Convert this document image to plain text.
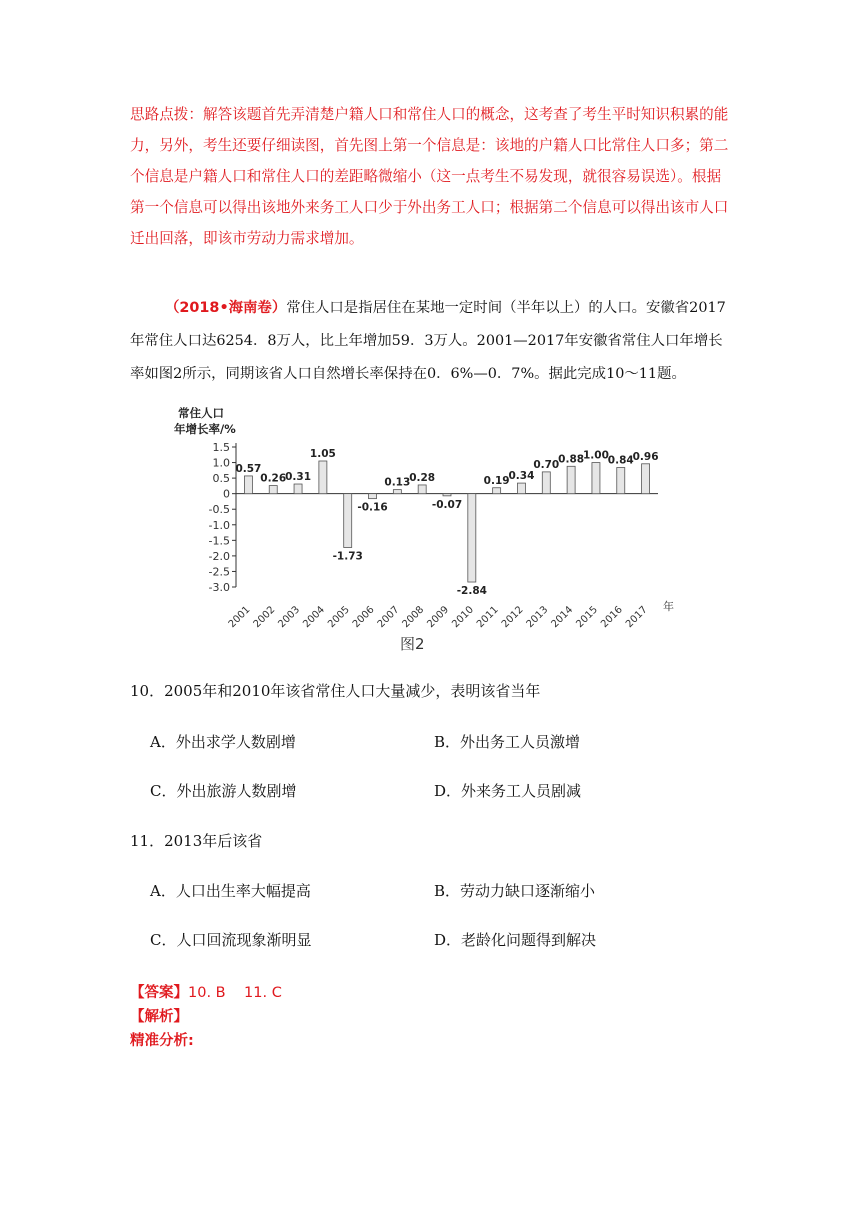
思路点拨：解答该题首先弄清楚户籍人口和常住人口的概念，这考查了考生平时知识积累的能力，另外，考生还要仔细读图，首先图上第一个信息是：该地的户籍人口比常住人口多；第二个信息是户籍人口和常住人口的差距略微缩小（这一点考生不易发现，就很容易误选）。根据第一个信息可以得出该地外来务工人口少于外出务工人口；根据第二个信息可以得出该市人口迁出回落，即该市劳动力需求增加。
（2018•海南卷）常住人口是指居住在某地一定时间（半年以上）的人口。安徽省2017年常住人口达6254．8万人，比上年增加59．3万人。2001—2017年安徽省常住人口年增长率如图2所示，同期该省人口自然增长率保持在0．6%—0．7%。据此完成10～11题。
常住人口
年增长率/%
1.5
1.0
0.5
0
-0.5
-1.0
-1.5
-2.0
-2.5
-3.0
0.57
0.26
0.31
1.05
-1.73
-0.16
0.13
0.28
-0.07
-2.84
0.19
0.34
0.70
0.88
1.00
0.84
0.96
2001 2002 2003 2004 2005 2006 2007 2008 2009 2010 2011 2012 2013 2014 2015 2016 2017 年
图2
10．2005年和2010年该省常住人口大量减少，表明该省当年
A．外出求学人数剧增	B．外出务工人员激增
C．外出旅游人数剧增	D．外来务工人员剧减
11．2013年后该省
A．人口出生率大幅提高	B．劳动力缺口逐渐缩小
C．人口回流现象渐明显	D．老龄化问题得到解决
【答案】10. B    11. C
【解析】
精准分析:
